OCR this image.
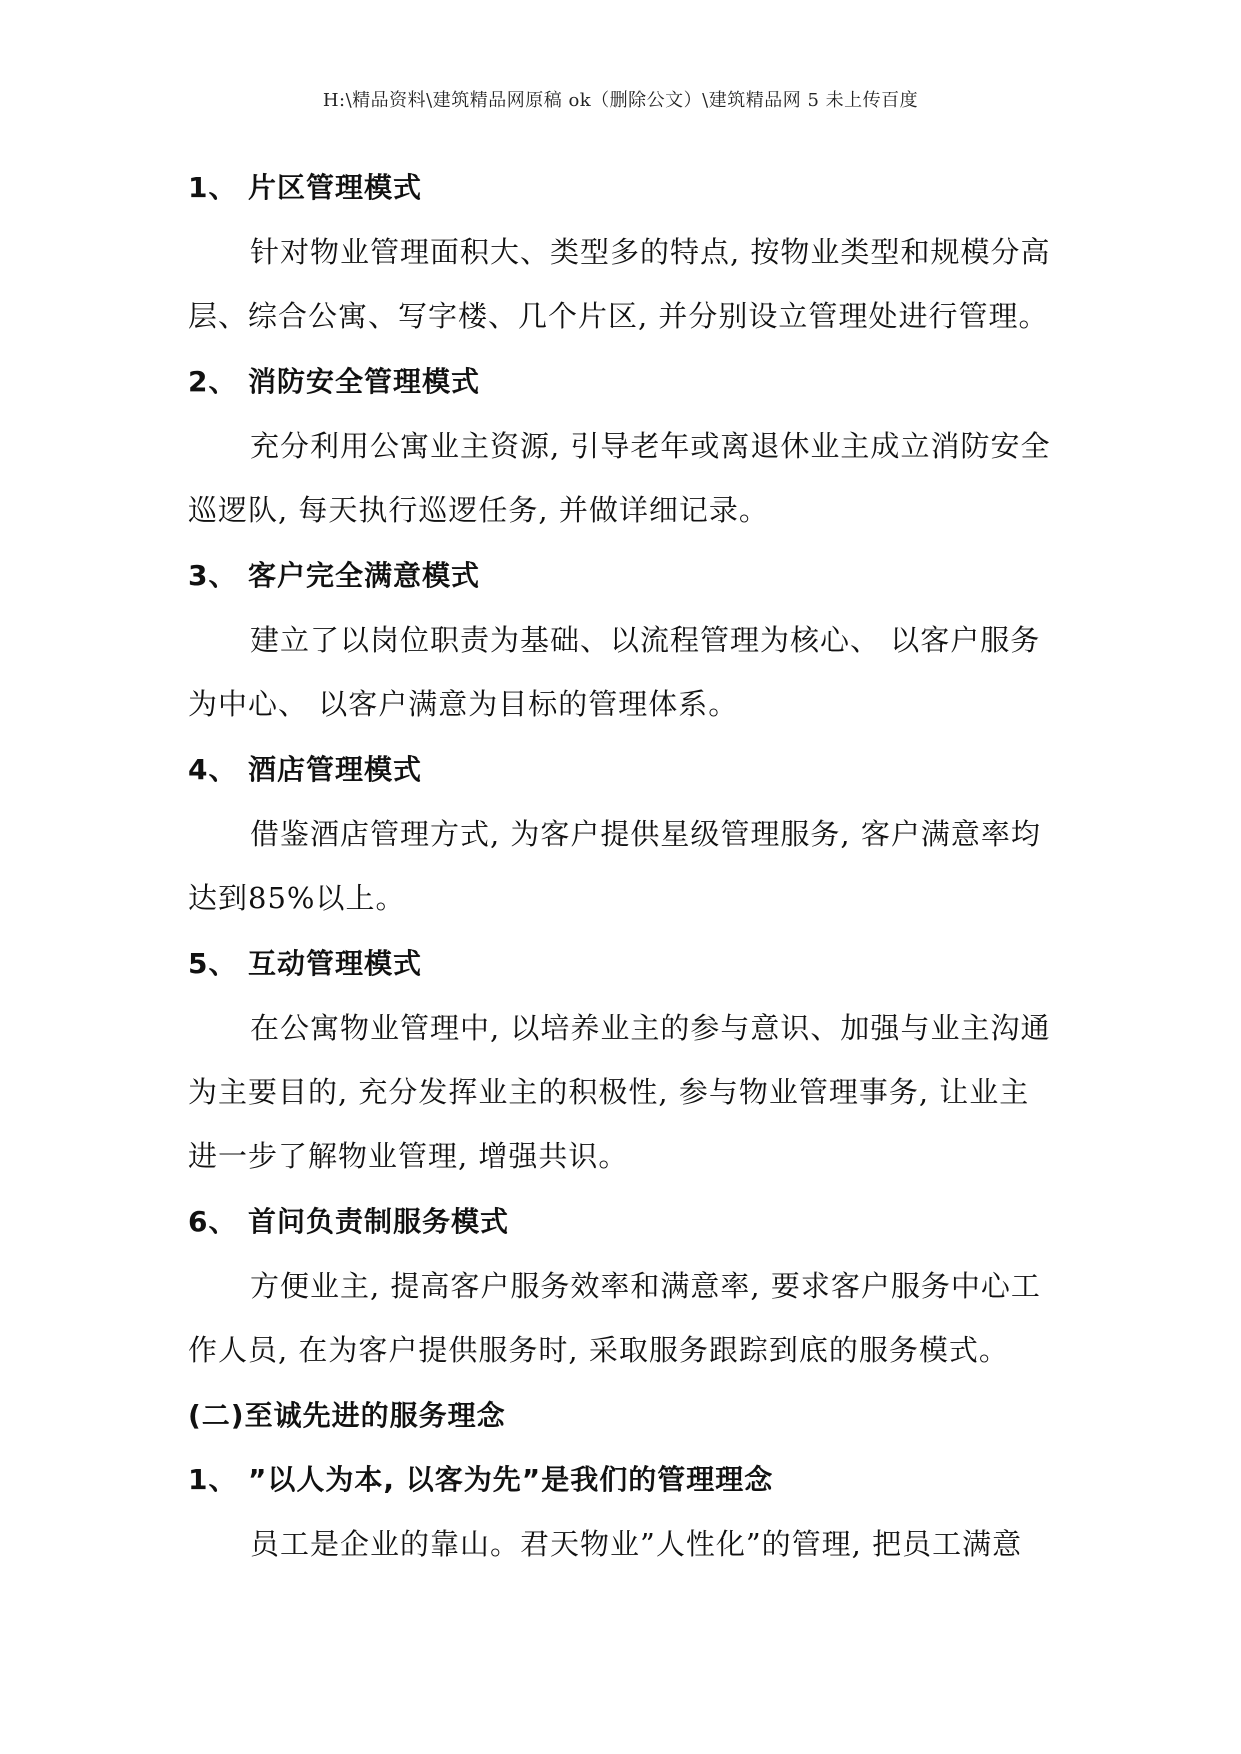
H:\精品资料\建筑精品网原稿 ok（删除公文）\建筑精品网 5 未上传百度
1、 片区管理模式
针对物业管理面积大、类型多的特点, 按物业类型和规模分高
层、综合公寓、写字楼、几个片区, 并分别设立管理处进行管理。
2、 消防安全管理模式
充分利用公寓业主资源, 引导老年或离退休业主成立消防安全
巡逻队, 每天执行巡逻任务, 并做详细记录。
3、 客户完全满意模式
建立了以岗位职责为基础、以流程管理为核心、 以客户服务
为中心、 以客户满意为目标的管理体系。
4、 酒店管理模式
借鉴酒店管理方式, 为客户提供星级管理服务, 客户满意率均
达到85%以上。
5、 互动管理模式
在公寓物业管理中, 以培养业主的参与意识、加强与业主沟通
为主要目的, 充分发挥业主的积极性, 参与物业管理事务, 让业主
进一步了解物业管理, 增强共识。
6、 首问负责制服务模式
方便业主, 提高客户服务效率和满意率, 要求客户服务中心工
作人员, 在为客户提供服务时, 采取服务跟踪到底的服务模式。
(二)至诚先进的服务理念
1、 ”以人为本, 以客为先”是我们的管理理念
员工是企业的靠山。君天物业”人性化”的管理, 把员工满意
